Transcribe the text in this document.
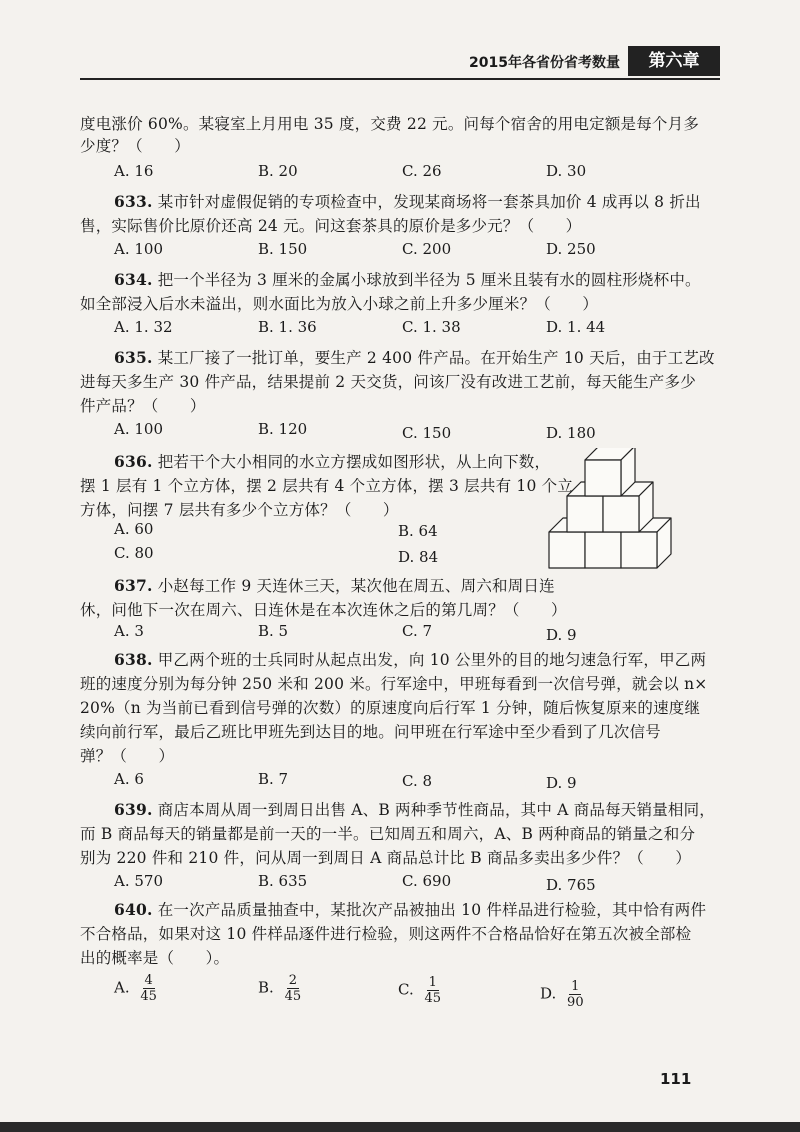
2015年各省份省考数量	第六章
度电涨价 60%。某寝室上月用电 35 度，交费 22 元。问每个宿舍的用电定额是每个月多
少度？（　　）
A. 16	B. 20	C. 26	D. 30
633. 某市针对虚假促销的专项检查中，发现某商场将一套茶具加价 4 成再以 8 折出
售，实际售价比原价还高 24 元。问这套茶具的原价是多少元？（　　）
A. 100	B. 150	C. 200	D. 250
634. 把一个半径为 3 厘米的金属小球放到半径为 5 厘米且装有水的圆柱形烧杯中。
如全部浸入后水未溢出，则水面比为放入小球之前上升多少厘米？（　　）
A. 1. 32	B. 1. 36	C. 1. 38	D. 1. 44
635. 某工厂接了一批订单，要生产 2 400 件产品。在开始生产 10 天后，由于工艺改
进每天多生产 30 件产品，结果提前 2 天交货，问该厂没有改进工艺前，每天能生产多少
件产品？（　　）
A. 100	B. 120	C. 150	D. 180
636. 把若干个大小相同的水立方摆成如图形状，从上向下数，
摆 1 层有 1 个立方体，摆 2 层共有 4 个立方体，摆 3 层共有 10 个立
方体，问摆 7 层共有多少个立方体？（　　）
A. 60	B. 64
C. 80	D. 84
637. 小赵每工作 9 天连休三天，某次他在周五、周六和周日连
休，问他下一次在周六、日连休是在本次连休之后的第几周？（　　）
A. 3	B. 5	C. 7	D. 9
638. 甲乙两个班的士兵同时从起点出发，向 10 公里外的目的地匀速急行军，甲乙两
班的速度分别为每分钟 250 米和 200 米。行军途中，甲班每看到一次信号弹，就会以 n×
20%（n 为当前已看到信号弹的次数）的原速度向后行军 1 分钟，随后恢复原来的速度继
续向前行军，最后乙班比甲班先到达目的地。问甲班在行军途中至少看到了几次信号
弹？（　　）
A. 6	B. 7	C. 8	D. 9
639. 商店本周从周一到周日出售 A、B 两种季节性商品，其中 A 商品每天销量相同，
而 B 商品每天的销量都是前一天的一半。已知周五和周六，A、B 两种商品的销量之和分
别为 220 件和 210 件，问从周一到周日 A 商品总计比 B 商品多卖出多少件？（　　）
A. 570	B. 635	C. 690	D. 765
640. 在一次产品质量抽查中，某批次产品被抽出 10 件样品进行检验，其中恰有两件
不合格品，如果对这 10 件样品逐件进行检验，则这两件不合格品恰好在第五次被全部检
出的概率是（　　）。
A. $\frac{4}{45}$	B. $\frac{2}{45}$	C. $\frac{1}{45}$	D. $\frac{1}{90}$
111
